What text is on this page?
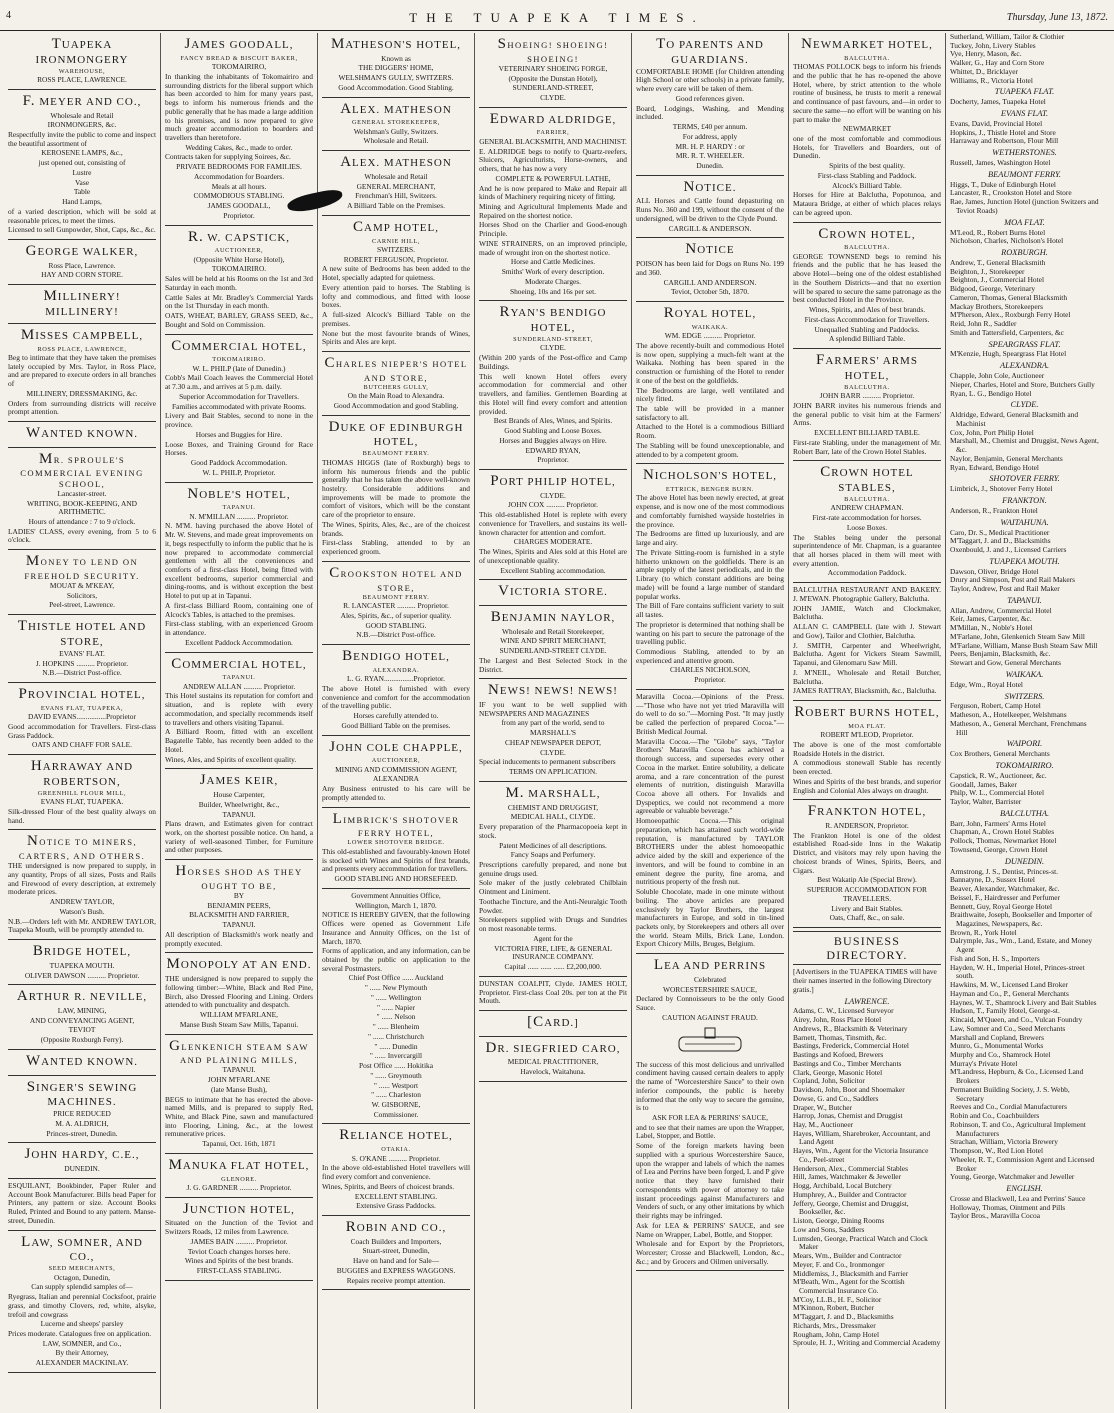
4	THE TUAPEKA TIMES.	Thursday, June 13, 1872.
TUAPEKA IRONMONGERY
WAREHOUSE,
ROSS PLACE, LAWRENCE.
F. MEYER AND CO.,
Wholesale and Retail
IRONMONGERS, &c.
Respectfully invite the public to come and inspect the beautiful assortment of
KEROSENE LAMPS, &c.,
just opened out, consisting of
Lustre
Vase
Table
Hand Lamps,
of a varied description, which will be sold at reasonable prices, to meet the times.
Licensed to sell Gunpowder, Shot, Caps, &c., &c.
GEORGE WALKER,
Ross Place, Lawrence.
HAY AND CORN STORE.
MILLINERY! MILLINERY!
MISSES CAMPBELL,
ROSS PLACE, LAWRENCE,
Beg to intimate that they have taken the premises lately occupied by Mrs. Taylor, in Ross Place, and are prepared to execute orders in all branches of
MILLINERY, DRESSMAKING, &c.
Orders from surrounding districts will receive prompt attention.
WANTED KNOWN.
MR. SPROULE'S COMMERCIAL EVENING SCHOOL,
Lancaster-street.
WRITING, BOOK-KEEPING, AND ARITHMETIC.
Hours of attendance : 7 to 9 o'clock.
LADIES' CLASS, every evening, from 5 to 6 o'clock.
MONEY TO LEND ON FREEHOLD SECURITY.
MOUAT & M'KEAY,
Solicitors,
Peel-street, Lawrence.
THISTLE HOTEL AND STORE,
EVANS' FLAT.
J. HOPKINS .......... Proprietor.
N.B.—District Post-office.
PROVINCIAL HOTEL,
EVANS FLAT, TUAPEKA,
DAVID EVANS................Proprietor
Good accommodation for Travellers. First-class Grass Paddock.
OATS AND CHAFF FOR SALE.
HARRAWAY AND ROBERTSON,
GREENHILL FLOUR MILL,
EVANS FLAT, TUAPEKA.
Silk-dressed Flour of the best quality always on hand.
NOTICE TO MINERS, CARTERS, AND OTHERS.
THE undersigned is now prepared to supply, in any quantity, Props of all sizes, Posts and Rails and Firewood of every description, at extremely moderate prices.
ANDREW TAYLOR,
Watson's Bush.
N.B.—Orders left with Mr. ANDREW TAYLOR, Tuapeka Mouth, will be promptly attended to.
BRIDGE HOTEL,
TUAPEKA MOUTH.
OLIVER DAWSON .......... Proprietor.
ARTHUR R. NEVILLE,
LAW, MINING,
AND CONVEYANCING AGENT,
TEVIOT
(Opposite Roxburgh Ferry).
WANTED KNOWN.
SINGER'S SEWING MACHINES.
PRICE REDUCED
M. A. ALDRICH,
Princes-street, Dunedin.
JOHN HARDY, C.E.,
DUNEDIN.
ESQUILANT, Bookbinder, Paper Ruler and Account Book Manufacturer. Bills head Paper for Printers, any pattern or size. Account Books Ruled, Printed and Bound to any pattern. Manse-street, Dunedin.
LAW, SOMNER, AND CO.,
SEED MERCHANTS,
Octagon, Dunedin,
Can supply splendid samples of—
Ryegrass, Italian and perennial Cocksfoot, prairie grass, and timothy Clovers, red, white, alsyke, trefoil and cowgrass
Lucerne and sheeps' parsley
Prices moderate. Catalogues free on application.
LAW, SOMNER, and Co.,
By their Attorney,
ALEXANDER MACKINLAY.
JAMES GOODALL,
FANCY BREAD & BISCUIT BAKER,
TOKOMAIRIRO,
In thanking the inhabitants of Tokomairiro and surrounding districts for the liberal support which has been accorded to him for many years past, begs to inform his numerous friends and the public generally that he has made a large addition to his premises, and is now prepared to give much greater accommodation to boarders and travellers than heretofore.
Wedding Cakes, &c., made to order.
Contracts taken for supplying Soirees, &c.
PRIVATE BEDROOMS FOR FAMILIES.
Accommodation for Boarders.
Meals at all hours.
COMMODIOUS STABLING.
JAMES GOODALL,
Proprietor.
R. W. CAPSTICK,
AUCTIONEER,
(Opposite White Horse Hotel),
TOKOMAIRIRO.
Sales will be held at his Rooms on the 1st and 3rd Saturday in each month.
Cattle Sales at Mr. Bradley's Commercial Yards on the 1st Thursday in each month.
OATS, WHEAT, BARLEY, GRASS SEED, &c., Bought and Sold on Commission.
COMMERCIAL HOTEL,
TOKOMAIRIRO.
W. L. PHILP (late of Dunedin.)
Cobb's Mail Coach leaves the Commercial Hotel at 7.30 a.m., and arrives at 5 p.m. daily.
Superior Accommodation for Travellers.
Families accommodated with private Rooms.
Livery and Bait Stables, second to none in the province.
Horses and Buggies for Hire.
Loose Boxes, and Training Ground for Race Horses.
Good Paddock Accommodation.
W. L. PHILP, Proprietor.
NOBLE'S HOTEL,
TAPANUI.
N. M'MILLAN .......... Proprietor.
N. M'M. having purchased the above Hotel of Mr. W. Stevens, and made great improvements on it, begs respectfully to inform the public that he is now prepared to accommodate commercial gentlemen with all the conveniences and comforts of a first-class Hotel, being fitted with excellent bedrooms, superior commercial and dining-rooms, and is without exception the best Hotel to put up at in Tapanui.
A first-class Billiard Room, containing one of Alcock's Tables, is attached to the premises.
First-class stabling, with an experienced Groom in attendance.
Excellent Paddock Accommodation.
COMMERCIAL HOTEL,
TAPANUI.
ANDREW ALLAN .......... Proprietor.
This Hotel sustains its reputation for comfort and situation, and is replete with every accommodation, and specially recommends itself to travellers and others visiting Tapanui.
A Billiard Room, fitted with an excellent Bagatelle Table, has recently been added to the Hotel.
Wines, Ales, and Spirits of excellent quality.
JAMES KEIR,
House Carpenter,
Builder, Wheelwright, &c.,
TAPANUI.
Plans drawn, and Estimates given for contract work, on the shortest possible notice. On hand, a variety of well-seasoned Timber, for Furniture and other purposes.
HORSES SHOD AS THEY OUGHT TO BE,
BY
BENJAMIN PEERS,
BLACKSMITH AND FARRIER,
TAPANUI.
All description of Blacksmith's work neatly and promptly executed.
MONOPOLY AT AN END.
THE undersigned is now prepared to supply the following timber:—White, Black and Red Pine, Birch, also Dressed Flooring and Lining. Orders attended to with punctuality and despatch.
WILLIAM M'FARLANE,
Manse Bush Steam Saw Mills, Tapanui.
GLENKENICH STEAM SAW AND PLAINING MILLS,
TAPANUI.
JOHN M'FARLANE
(late Manse Bush),
BEGS to intimate that he has erected the above-named Mills, and is prepared to supply Red, White, and Black Pine, sawn and manufactured into Flooring, Lining, &c., at the lowest remunerative prices.
Tapanui, Oct. 16th, 1871
MANUKA FLAT HOTEL,
GLENORE.
J. G. GARDNER .......... Proprietor.
JUNCTION HOTEL,
Situated on the Junction of the Teviot and Switzers Roads, 12 miles from Lawrence.
JAMES BAIN .......... Proprietor.
Teviot Coach changes horses here.
Wines and Spirits of the best brands.
FIRST-CLASS STABLING.
MATHESON'S HOTEL,
Known as
THE DIGGERS' HOME,
WELSHMAN'S GULLY, SWITZERS.
Good Accommodation. Good Stabling.
ALEX. MATHESON
GENERAL STOREKEEPER,
Welshman's Gully, Switzers.
Wholesale and Retail.
ALEX. MATHESON
Wholesale and Retail
GENERAL MERCHANT,
Frenchman's Hill, Switzers.
A Billiard Table on the Premises.
CAMP HOTEL,
CARNIE HILL,
SWITZERS.
ROBERT FERGUSON, Proprietor.
A new suite of Bedrooms has been added to the Hotel, specially adapted for quietness.
Every attention paid to horses. The Stabling is lofty and commodious, and fitted with loose boxes.
A full-sized Alcock's Billiard Table on the premises.
None but the most favourite brands of Wines, Spirits and Ales are kept.
CHARLES NIEPER'S HOTEL AND STORE,
BUTCHERS GULLY,
On the Main Road to Alexandra.
Good Accommodation and good Stabling.
DUKE OF EDINBURGH HOTEL,
BEAUMONT FERRY.
THOMAS HIGGS (late of Roxburgh) begs to inform his numerous friends and the public generally that he has taken the above well-known hostelry. Considerable additions and improvements will be made to promote the comfort of visitors, which will be the constant care of the proprietor to ensure.
The Wines, Spirits, Ales, &c., are of the choicest brands.
First-class Stabling, attended to by an experienced groom.
CROOKSTON HOTEL AND STORE,
BEAUMONT FERRY.
R. LANCASTER .......... Proprietor.
Ales, Spirits, &c., of superior quality.
GOOD STABLING.
N.B.—District Post-office.
BENDIGO HOTEL,
ALEXANDRA.
L. G. RYAN................Proprietor.
The above Hotel is furnished with every convenience and comfort for the accommodation of the travelling public.
Horses carefully attended to.
Good Billiard Table on the premises.
JOHN COLE CHAPPLE,
AUCTIONEER,
MINING AND COMMISSION AGENT,
ALEXANDRA
Any Business entrusted to his care will be promptly attended to.
LIMBRICK'S SHOTOVER FERRY HOTEL,
LOWER SHOTOVER BRIDGE.
This old-established and favourably-known Hotel is stocked with Wines and Spirits of first brands, and presents every accommodation for travellers.
GOOD STABLING AND HORSEFEED.
Government Annuities Office,
Wellington, March 1, 1870.
NOTICE IS HEREBY GIVEN, that the following Offices were opened as Government Life Insurance and Annuity Offices, on the 1st of March, 1870.
Forms of application, and any information, can be obtained by the public on application to the several Postmasters.
Chief Post Office ...... Auckland
" ...... New Plymouth
" ...... Wellington
" ...... Napier
" ...... Nelson
" ...... Blenheim
" ...... Christchurch
" ...... Dunedin
" ...... Invercargill
Post Office ...... Hokitika
" ...... Greymouth
" ...... Westport
" ...... Charleston
W. GISBORNE,
Commissioner.
RELIANCE HOTEL,
OTAKIA.
S. O'KANE .......... Proprietor.
In the above old-established Hotel travellers will find every comfort and convenience.
Wines, Spirits, and Beers of choicest brands.
EXCELLENT STABLING.
Extensive Grass Paddocks.
ROBIN AND CO.,
Coach Builders and Importers,
Stuart-street, Dunedin,
Have on hand and for Sale—
BUGGIES and EXPRESS WAGGONS.
Repairs receive prompt attention.
SHOEING! SHOEING! SHOEING!
VETERINARY SHOEING FORGE,
(Opposite the Dunstan Hotel),
SUNDERLAND-STREET,
CLYDE.
EDWARD ALDRIDGE,
FARRIER,
GENERAL BLACKSMITH, AND MACHINIST.
E. ALDRIDGE begs to notify to Quartz-reefers, Sluicers, Agriculturists, Horse-owners, and others, that he has now a very
COMPLETE & POWERFUL LATHE,
And he is now prepared to Make and Repair all kinds of Machinery requiring nicety of fitting.
Mining and Agricultural Implements Made and Repaired on the shortest notice.
Horses Shod on the Charlier and Good-enough Principle.
WINE STRAINERS, on an improved principle, made of wrought iron on the shortest notice.
Horse and Cattle Medicines.
Smiths' Work of every description.
Moderate Charges.
Shoeing, 10s and 16s per set.
RYAN'S BENDIGO HOTEL,
SUNDERLAND-STREET,
CLYDE.
(Within 200 yards of the Post-office and Camp Buildings.
This well known Hotel offers every accommodation for commercial and other travellers, and families. Gentlemen Boarding at this Hotel will find every comfort and attention provided.
Best Brands of Ales, Wines, and Spirits.
Good Stabling and Loose Boxes.
Horses and Buggies always on Hire.
EDWARD RYAN,
Proprietor.
PORT PHILIP HOTEL,
CLYDE.
JOHN COX .......... Proprietor.
This old-established Hotel is replete with every convenience for Travellers, and sustains its well-known character for attention and comfort.
CHARGES MODERATE.
The Wines, Spirits and Ales sold at this Hotel are of unexceptionable quality.
Excellent Stabling accommodation.
VICTORIA STORE.
BENJAMIN NAYLOR,
Wholesale and Retail Storekeeper,
WINE AND SPIRIT MERCHANT,
SUNDERLAND-STREET CLYDE.
The Largest and Best Selected Stock in the District.
NEWS! NEWS! NEWS!
IF you want to be well supplied with NEWSPAPERS AND MAGAZINES
from any part of the world, send to
MARSHALL'S
CHEAP NEWSPAPER DEPOT,
CLYDE.
Special inducements to permanent subscribers
TERMS ON APPLICATION.
M. MARSHALL,
CHEMIST AND DRUGGIST,
MEDICAL HALL, CLYDE.
Every preparation of the Pharmacopoeia kept in stock.
Patent Medicines of all descriptions.
Fancy Soaps and Perfumery.
Prescriptions carefully prepared, and none but genuine drugs used.
Sole maker of the justly celebrated Chilblain Ointment and Liniment.
Toothache Tincture, and the Anti-Neuralgic Tooth Powder.
Storekeepers supplied with Drugs and Sundries on most reasonable terms.
Agent for the
VICTORIA FIRE, LIFE, & GENERAL INSURANCE COMPANY.
Capital ...... ...... ...... £2,200,000.
DUNSTAN COALPIT, Clyde. JAMES HOLT, Proprietor. First-class Coal 20s. per ton at the Pit Mouth.
[CARD.]
DR. SIEGFRIED CARO,
MEDICAL PRACTITIONER,
Havelock, Waitahuna.
TO PARENTS AND GUARDIANS.
COMFORTABLE HOME (for Children attending High School or other schools) in a private family, where every care will be taken of them.
Good references given.
Board, Lodgings, Washing, and Mending included.
TERMS, £40 per annum.
For address, apply
MR. H. P. HARDY : or
MR. R. T. WHEELER.
Dunedin.
NOTICE.
ALL Horses and Cattle found depasturing on Runs No. 360 and 199, without the consent of the undersigned, will be driven to the Clyde Pound.
CARGILL & ANDERSON.
NOTICE
POISON has been laid for Dogs on Runs No. 199 and 360.
CARGILL AND ANDERSON.
Teviot, October 5th, 1870.
ROYAL HOTEL,
WAIKAKA.
WM. EDGE .......... Proprietor.
The above recently-built and commodious Hotel is now open, supplying a much-felt want at the Waikaka. Nothing has been spared in the construction or furnishing of the Hotel to render it one of the best on the goldfields.
The Bedrooms are large, well ventilated and nicely fitted.
The table will be provided in a manner satisfactory to all.
Attached to the Hotel is a commodious Billiard Room.
The Stabling will be found unexceptionable, and attended to by a competent groom.
NICHOLSON'S HOTEL,
ETTRICK, BENGER BURN.
The above Hotel has been newly erected, at great expense, and is now one of the most commodious and comfortably furnished wayside hostelries in the province.
The Bedrooms are fitted up luxuriously, and are large and airy.
The Private Sitting-room is furnished in a style hitherto unknown on the goldfields. There is an ample supply of the latest periodicals, and in the Library (to which constant additions are being made) will be found a large number of standard popular works.
The Bill of Fare contains sufficient variety to suit all tastes.
The proprietor is determined that nothing shall be wanting on his part to secure the patronage of the travelling public.
Commodious Stabling, attended to by an experienced and attentive groom.
CHARLES NICHOLSON,
Proprietor.
Maravilla Cocoa.—Opinions of the Press.—"Those who have not yet tried Maravilla will do well to do so."—Morning Post. "It may justly be called the perfection of prepared Cocoa."—British Medical Journal.
Maravilla Cocoa.—The "Globe" says, "Taylor Brothers' Maravilla Cocoa has achieved a thorough success, and supersedes every other Cocoa in the market. Entire solubility, a delicate aroma, and a rare concentration of the purest elements of nutrition, distinguish Maravilla Cocoa above all others. For Invalids and Dyspeptics, we could not recommend a more agreeable or valuable beverage."
Homoeopathic Cocoa.—This original preparation, which has attained such world-wide reputation, is manufactured by TAYLOR BROTHERS under the ablest homoeopathic advice aided by the skill and experience of the inventors, and will be found to combine in an eminent degree the purity, fine aroma, and nutritious property of the fresh nut.
Soluble Chocolate, made in one minute without boiling. The above articles are prepared exclusively by Taylor Brothers, the largest manufacturers in Europe, and sold in tin-lined packets only, by Storekeepers and others all over the world. Steam Mills, Brick Lane, London. Export Chicory Mills, Bruges, Belgium.
LEA AND PERRINS
Celebrated
WORCESTERSHIRE SAUCE,
Declared by Connoisseurs to be the only Good Sauce.
CAUTION AGAINST FRAUD.
The success of this most delicious and unrivalled condiment having caused certain dealers to apply the name of "Worcestershire Sauce" to their own inferior compounds, the public is hereby informed that the only way to secure the genuine, is to
ASK FOR LEA & PERRINS' SAUCE,
and to see that their names are upon the Wrapper, Label, Stopper, and Bottle.
Some of the foreign markets having been supplied with a spurious Worcestershire Sauce, upon the wrapper and labels of which the names of Lea and Perrins have been forged, L and P give notice that they have furnished their correspondents with power of attorney to take instant proceedings against Manufacturers and Venders of such, or any other imitations by which their rights may be infringed.
Ask for LEA & PERRINS' SAUCE, and see Name on Wrapper, Label, Bottle, and Stopper.
Wholesale and for Export by the Proprietors, Worcester; Crosse and Blackwell, London, &c., &c.; and by Grocers and Oilmen universally.
NEWMARKET HOTEL,
BALCLUTHA.
THOMAS POLLOCK begs to inform his friends and the public that he has re-opened the above Hotel, where, by strict attention to the whole routine of business, he trusts to merit a renewal and continuance of past favours, and—in order to secure the same—no effort will be wanting on his part to make the
NEWMARKET
one of the most comfortable and commodious Hotels, for Travellers and Boarders, out of Dunedin.
Spirits of the best quality.
First-class Stabling and Paddock.
Alcock's Billiard Table.
Horses for Hire at Balclutha, Popotunoa, and Mataura Bridge, at either of which places relays can be agreed upon.
CROWN HOTEL,
BALCLUTHA.
GEORGE TOWNSEND begs to remind his friends and the public that he has leased the above Hotel—being one of the oldest established in the Southern Districts—and that no exertion will be spared to secure the same patronage as the best conducted Hotel in the Province.
Wines, Spirits, and Ales of best brands.
First-class Accommodation for Travellers.
Unequalled Stabling and Paddocks.
A splendid Billiard Table.
FARMERS' ARMS HOTEL,
BALCLUTHA.
JOHN BARR .......... Proprietor.
JOHN BARR invites his numerous friends and the general public to visit him at the Farmers' Arms.
EXCELLENT BILLIARD TABLE.
First-rate Stabling, under the management of Mr. Robert Barr, late of the Crown Hotel Stables.
CROWN HOTEL STABLES,
BALCLUTHA.
ANDREW CHAPMAN.
First-rate accommodation for horses.
Loose Boxes.
The Stables being under the personal superintendence of Mr. Chapman, is a guarantee that all horses placed in them will meet with every attention.
Accommodation Paddock.
BALCLUTHA RESTAURANT AND BAKERY. J. M'EWAN. Photographic Gallery, Balclutha.
JOHN JAMIE, Watch and Clockmaker, Balclutha.
ALLAN C. CAMPBELL (late with J. Stewart and Gow), Tailor and Clothier, Balclutha.
J. SMITH, Carpenter and Wheelwright, Balclutha. Agent for Vickers Steam Sawmill, Tapanui, and Glenomaru Saw Mill.
J. M'NEIL, Wholesale and Retail Butcher, Balclutha.
JAMES RATTRAY, Blacksmith, &c., Balclutha.
ROBERT BURNS HOTEL,
MOA FLAT.
ROBERT M'LEOD, Proprietor.
The above is one of the most comfortable Roadside Hotels in the district.
A commodious stonewall Stable has recently been erected.
Wines and Spirits of the best brands, and superior English and Colonial Ales always on draught.
FRANKTON HOTEL,
R. ANDERSON, Proprietor.
The Frankton Hotel is one of the oldest established Road-side Inns in the Wakatip District, and visitors may rely upon having the choicest brands of Wines, Spirits, Beers, and Cigars.
Best Wakatip Ale (Special Brew).
SUPERIOR ACCOMMODATION FOR TRAVELLERS.
Livery and Bait Stables.
Oats, Chaff, &c., on sale.
BUSINESS DIRECTORY.
[Advertisers in the TUAPEKA TIMES will have their names inserted in the following Directory gratis.]
LAWRENCE.
Adams, C. W., Licensed Surveyor
Airey, John, Ross Place Hotel
Andrews, R., Blacksmith & Veterinary
Barnett, Thomas, Tinsmith, &c.
Bastings, Frederick, Commercial Hotel
Bastings and Kofoed, Brewers
Bastings and Co., Timber Merchants
Clark, George, Masonic Hotel
Copland, John, Solicitor
Davidson, John, Boot and Shoemaker
Dowse, G. and Co., Saddlers
Draper, W., Butcher
Harrop, Jonas, Chemist and Druggist
Hay, M., Auctioneer
Hayes, William, Sharebroker, Accountant, and Land Agent
Hayes, Wm., Agent for the Victoria Insurance Co., Peel-street
Henderson, Alex., Commercial Stables
Hill, James, Watchmaker & Jeweller
Hogg, Archibald, Local Butchery
Humphrey, A., Builder and Contractor
Jeffery, George, Chemist and Druggist, Bookseller, &c.
Liston, George, Dining Rooms
Low and Sons, Saddlers
Lumsden, George, Practical Watch and Clock Maker
Mears, Wm., Builder and Contractor
Meyer, F. and Co., Ironmonger
Middlemiss, J., Blacksmith and Farrier
M'Beath, Wm., Agent for the Scottish Commercial Insurance Co.
M'Coy, LL.B., H. F., Solicitor
M'Kinnon, Robert, Butcher
M'Taggart, J. and D., Blacksmiths
Richards, Mrs., Dressmaker
Rougham, John, Camp Hotel
Sproule, H. J., Writing and Commercial Academy
Sutherland, William, Tailor & Clothier
Tuckey, John, Livery Stables
Vye, Henry, Mason, &c.
Walker, G., Hay and Corn Store
Whittet, D., Bricklayer
Williams, R., Victoria Hotel
TUAPEKA FLAT.
Docherty, James, Tuapeka Hotel
EVANS FLAT.
Evans, David, Provincial Hotel
Hopkins, J., Thistle Hotel and Store
Harraway and Robertson, Flour Mill
WETHERSTONES.
Russell, James, Washington Hotel
BEAUMONT FERRY.
Higgs, T., Duke of Edinburgh Hotel
Lancaster, R., Crookston Hotel and Store
Rae, James, Junction Hotel (junction Switzers and Teviot Roads)
MOA FLAT.
M'Leod, R., Robert Burns Hotel
Nicholson, Charles, Nicholson's Hotel
ROXBURGH.
Andrew, T., General Blacksmith
Beighton, J., Storekeeper
Beighton, J., Commercial Hotel
Bidgood, George, Veterinary
Cameron, Thomas, General Blacksmith
Mackay Brothers, Storekeepers
M'Pherson, Alex., Roxburgh Ferry Hotel
Reid, John R., Saddler
Smith and Tattersfield, Carpenters, &c
SPEARGRASS FLAT.
M'Kenzie, Hugh, Speargrass Flat Hotel
ALEXANDRA.
Chapple, John Cole, Auctioneer
Nieper, Charles, Hotel and Store, Butchers Gully
Ryan, L. G., Bendigo Hotel
CLYDE.
Aldridge, Edward, General Blacksmith and Machinist
Cox, John, Port Philip Hotel
Marshall, M., Chemist and Druggist, News Agent, &c.
Naylor, Benjamin, General Merchants
Ryan, Edward, Bendigo Hotel
SHOTOVER FERRY.
Limbrick, J., Shotover Ferry Hotel
FRANKTON.
Anderson, R., Frankton Hotel
WAITAHUNA.
Caro, Dr. S., Medical Practitioner
M'Taggart, J. and D., Blacksmiths
Oxenbould, J. and J., Licensed Carriers
TUAPEKA MOUTH.
Dawson, Oliver, Bridge Hotel
Drury and Simpson, Post and Rail Makers
Taylor, Andrew, Post and Rail Maker
TAPANUI.
Allan, Andrew, Commercial Hotel
Keir, James, Carpenter, &c.
M'Millan, N., Noble's Hotel
M'Farlane, John, Glenkenich Steam Saw Mill
M'Farlane, William, Manse Bush Steam Saw Mill
Peers, Benjamin, Blacksmith, &c.
Stewart and Gow, General Merchants
WAIKAKA.
Edge, Wm., Royal Hotel
SWITZERS.
Ferguson, Robert, Camp Hotel
Matheson, A., Hotelkeeper, Welshmans
Matheson, A., General Merchant, Frenchmans Hill
WAIPORI.
Cox Brothers, General Merchants
TOKOMAIRIRO.
Capstick, R. W., Auctioneer, &c.
Goodall, James, Baker
Philp, W. L., Commercial Hotel
Taylor, Walter, Barrister
BALCLUTHA.
Barr, John, Farmers' Arms Hotel
Chapman, A., Crown Hotel Stables
Pollock, Thomas, Newmarket Hotel
Townsend, George, Crown Hotel
DUNEDIN.
Armstrong, J. S., Dentist, Princes-st.
Bannatyne, D., Sussex Hotel
Beaver, Alexander, Watchmaker, &c.
Beissel, F., Hairdresser and Perfumer
Bennett, Guy, Royal George Hotel
Braithwaite, Joseph, Bookseller and Importer of Magazines, Newspapers, &c.
Brown, R., York Hotel
Dalrymple, Jas., Wm., Land, Estate, and Money Agent
Fish and Son, H. S., Importers
Hayden, W. H., Imperial Hotel, Princes-street south.
Hawkins, M. W., Licensed Land Broker
Hayman and Co., P., General Merchants
Haynes, W. T., Shamrock Livery and Bait Stables
Hudson, T., Family Hotel, George-st.
Kincaid, M'Queen, and Co., Vulcan Foundry
Law, Somner and Co., Seed Merchants
Marshall and Copland, Brewers
Munro, G., Monumental Works
Murphy and Co., Shamrock Hotel
Murray's Private Hotel
M'Landress, Hepburn, & Co., Licensed Land Brokers
Permanent Building Society, J. S. Webb, Secretary
Reeves and Co., Cordial Manufacturers
Robin and Co., Coachbuilders
Robinson, T. and Co., Agricultural Implement Manufacturers
Strachan, William, Victoria Brewery
Thompson, W., Red Lion Hotel
Wheeler, R. T., Commission Agent and Licensed Broker
Young, George, Watchmaker and Jeweller
ENGLISH.
Crosse and Blackwell, Lea and Perrins' Sauce
Holloway, Thomas, Ointment and Pills
Taylor Bros., Maravilla Cocoa
